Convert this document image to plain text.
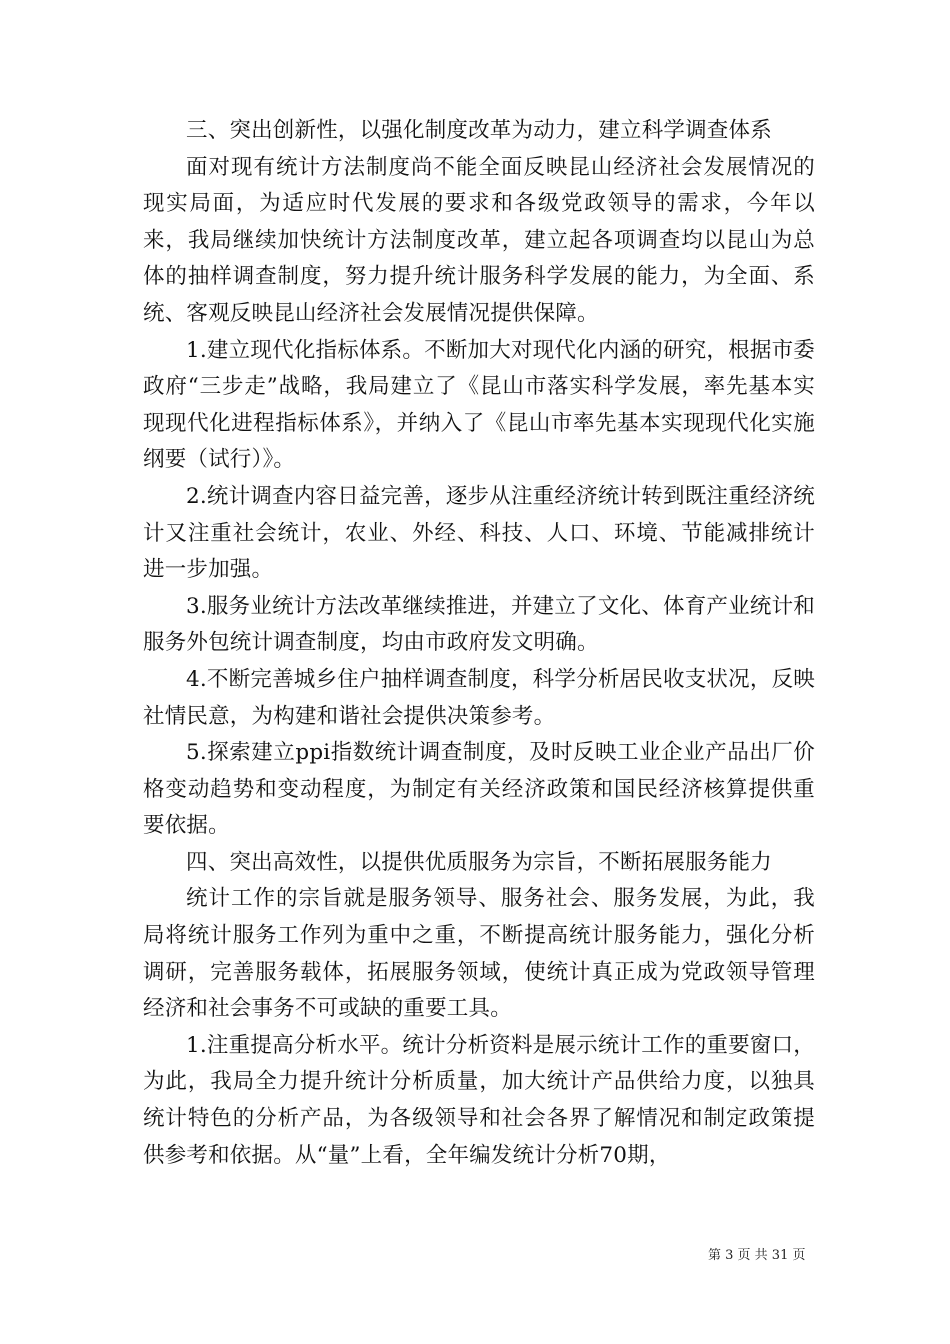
三、突出创新性，以强化制度改革为动力，建立科学调查体系

面对现有统计方法制度尚不能全面反映昆山经济社会发展情况的现实局面，为适应时代发展的要求和各级党政领导的需求，今年以来，我局继续加快统计方法制度改革，建立起各项调查均以昆山为总体的抽样调查制度，努力提升统计服务科学发展的能力，为全面、系统、客观反映昆山经济社会发展情况提供保障。

1.建立现代化指标体系。不断加大对现代化内涵的研究，根据市委政府“三步走”战略，我局建立了《昆山市落实科学发展，率先基本实现现代化进程指标体系》，并纳入了《昆山市率先基本实现现代化实施纲要（试行）》。

2.统计调查内容日益完善，逐步从注重经济统计转到既注重经济统计又注重社会统计，农业、外经、科技、人口、环境、节能减排统计进一步加强。

3.服务业统计方法改革继续推进，并建立了文化、体育产业统计和服务外包统计调查制度，均由市政府发文明确。

4.不断完善城乡住户抽样调查制度，科学分析居民收支状况，反映社情民意，为构建和谐社会提供决策参考。

5.探索建立ppi指数统计调查制度，及时反映工业企业产品出厂价格变动趋势和变动程度，为制定有关经济政策和国民经济核算提供重要依据。

四、突出高效性，以提供优质服务为宗旨，不断拓展服务能力

统计工作的宗旨就是服务领导、服务社会、服务发展，为此，我局将统计服务工作列为重中之重，不断提高统计服务能力，强化分析调研，完善服务载体，拓展服务领域，使统计真正成为党政领导管理经济和社会事务不可或缺的重要工具。

1.注重提高分析水平。统计分析资料是展示统计工作的重要窗口，为此，我局全力提升统计分析质量，加大统计产品供给力度，以独具统计特色的分析产品，为各级领导和社会各界了解情况和制定政策提供参考和依据。从“量”上看，全年编发统计分析70期，

第 3 页 共 31 页
